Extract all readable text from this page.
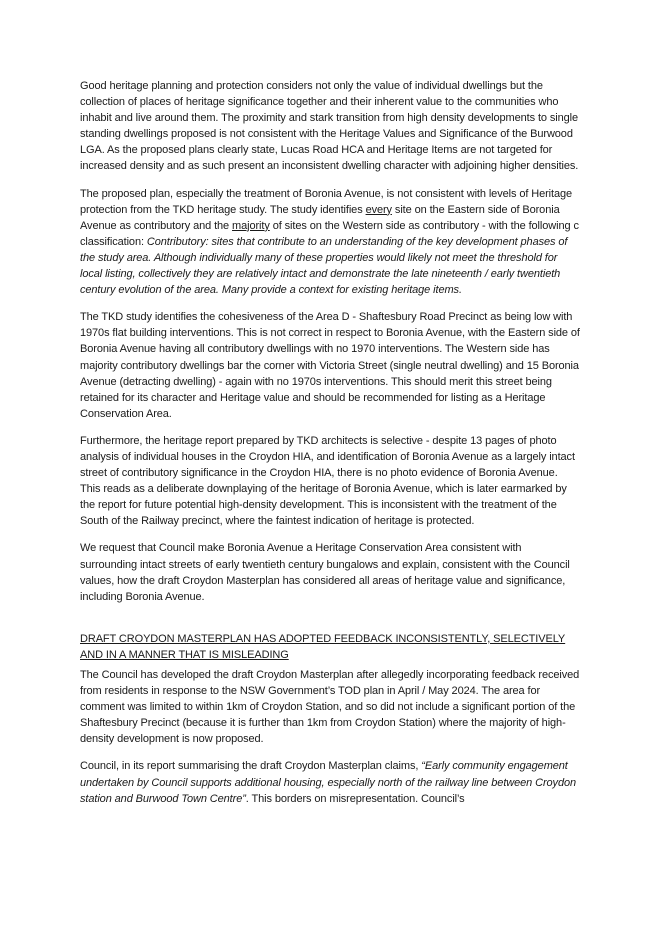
Good heritage planning and protection considers not only the value of individual dwellings but the collection of places of heritage significance together and their inherent value to the communities who inhabit and live around them. The proximity and stark transition from high density developments to single standing dwellings proposed is not consistent with the Heritage Values and Significance of the Burwood LGA. As the proposed plans clearly state, Lucas Road HCA and Heritage Items are not targeted for increased density and as such present an inconsistent dwelling character with adjoining higher densities.

The proposed plan, especially the treatment of Boronia Avenue, is not consistent with levels of Heritage protection from the TKD heritage study. The study identifies every site on the Eastern side of Boronia Avenue as contributory and the majority of sites on the Western side as contributory - with the following c classification: Contributory: sites that contribute to an understanding of the key development phases of the study area. Although individually many of these properties would likely not meet the threshold for local listing, collectively they are relatively intact and demonstrate the late nineteenth / early twentieth century evolution of the area. Many provide a context for existing heritage items.

The TKD study identifies the cohesiveness of the Area D - Shaftesbury Road Precinct as being low with 1970s flat building interventions. This is not correct in respect to Boronia Avenue, with the Eastern side of Boronia Avenue having all contributory dwellings with no 1970 interventions. The Western side has majority contributory dwellings bar the corner with Victoria Street (single neutral dwelling) and 15 Boronia Avenue (detracting dwelling) - again with no 1970s interventions. This should merit this street being retained for its character and Heritage value and should be recommended for listing as a Heritage Conservation Area.

Furthermore, the heritage report prepared by TKD architects is selective - despite 13 pages of photo analysis of individual houses in the Croydon HIA, and identification of Boronia Avenue as a largely intact street of contributory significance in the Croydon HIA, there is no photo evidence of Boronia Avenue. This reads as a deliberate downplaying of the heritage of Boronia Avenue, which is later earmarked by the report for future potential high-density development. This is inconsistent with the treatment of the South of the Railway precinct, where the faintest indication of heritage is protected.

We request that Council make Boronia Avenue a Heritage Conservation Area consistent with surrounding intact streets of early twentieth century bungalows and explain, consistent with the Council values, how the draft Croydon Masterplan has considered all areas of heritage value and significance, including Boronia Avenue.

DRAFT CROYDON MASTERPLAN HAS ADOPTED FEEDBACK INCONSISTENTLY, SELECTIVELY AND IN A MANNER THAT IS MISLEADING

The Council has developed the draft Croydon Masterplan after allegedly incorporating feedback received from residents in response to the NSW Government’s TOD plan in April / May 2024. The area for comment was limited to within 1km of Croydon Station, and so did not include a significant portion of the Shaftesbury Precinct (because it is further than 1km from Croydon Station) where the majority of high-density development is now proposed.

Council, in its report summarising the draft Croydon Masterplan claims, “Early community engagement undertaken by Council supports additional housing, especially north of the railway line between Croydon station and Burwood Town Centre”. This borders on misrepresentation. Council’s
